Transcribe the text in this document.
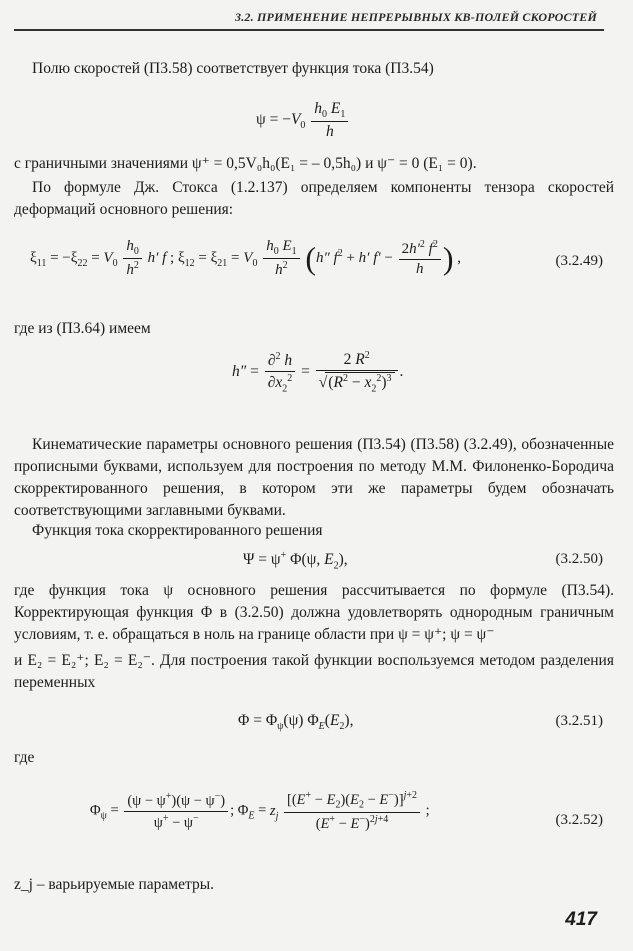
3.2. ПРИМЕНЕНИЕ НЕПРЕРЫВНЫХ КВ-ПОЛЕЙ СКОРОСТЕЙ
Полю скоростей (П3.58) соответствует функция тока (П3.54)
$\psi = -V_0 \frac{h_0 E_1}{h}$
с граничными значениями ψ⁺ = 0,5V₀h₀(E₁ = – 0,5h₀) и ψ⁻ = 0 (E₁ = 0).
По формуле Дж. Стокса (1.2.137) определяем компоненты тензора скоростей деформаций основного решения:
$\xi_{11} = -\xi_{22} = V_0 \frac{h_0}{h^2} h'$ f ; $\xi_{12} = \xi_{21} = V_0 \frac{h_0 E_1}{h^2} (h''$ $f^2 + h'$ $f' - \frac{2h'^2 f^2}{h}$ ) ,	(3.2.49)
где из (П3.64) имеем
$h'' = \frac{\partial^2 h}{\partial x_2^2} = \frac{2 R^2}{√(R^2 - x_2^2)^3}$ .
Кинематические параметры основного решения (П3.54) (П3.58) (3.2.49), обозначенные прописными буквами, используем для построения по методу М.М. Филоненко-Бородича скорректированного решения, в котором эти же параметры будем обозначать соответствующими заглавными буквами.
Функция тока скорректированного решения
Ψ = ψ+ Φ(ψ, $E_2$),	(3.2.50)
где функция тока ψ основного решения рассчитывается по формуле (П3.54). Корректирующая функция Φ в (3.2.50) должна удовлетворять однородным граничным условиям, т. е. обращаться в ноль на границе области при ψ = ψ⁺; ψ = ψ⁻
и E₂ = E₂⁺; E₂ = E₂⁻. Для построения такой функции воспользуемся методом разделения переменных
$\Phi = \Phi_\psi(\psi)$ $\Phi_E(E_2)$,	(3.2.51)
где
$\Phi_\psi = \frac{(\psi - \psi^+)(\psi - \psi^-)}{\psi^+ - \psi^-}$ ; $\Phi_E = z_j \frac{[(E^+ - E_2)(E_2 - E^-)]^{j+2}}{(E^+ - E^-)^{2j+4}}$ ;
(3.2.52)
z_j – варьируемые параметры.
417
